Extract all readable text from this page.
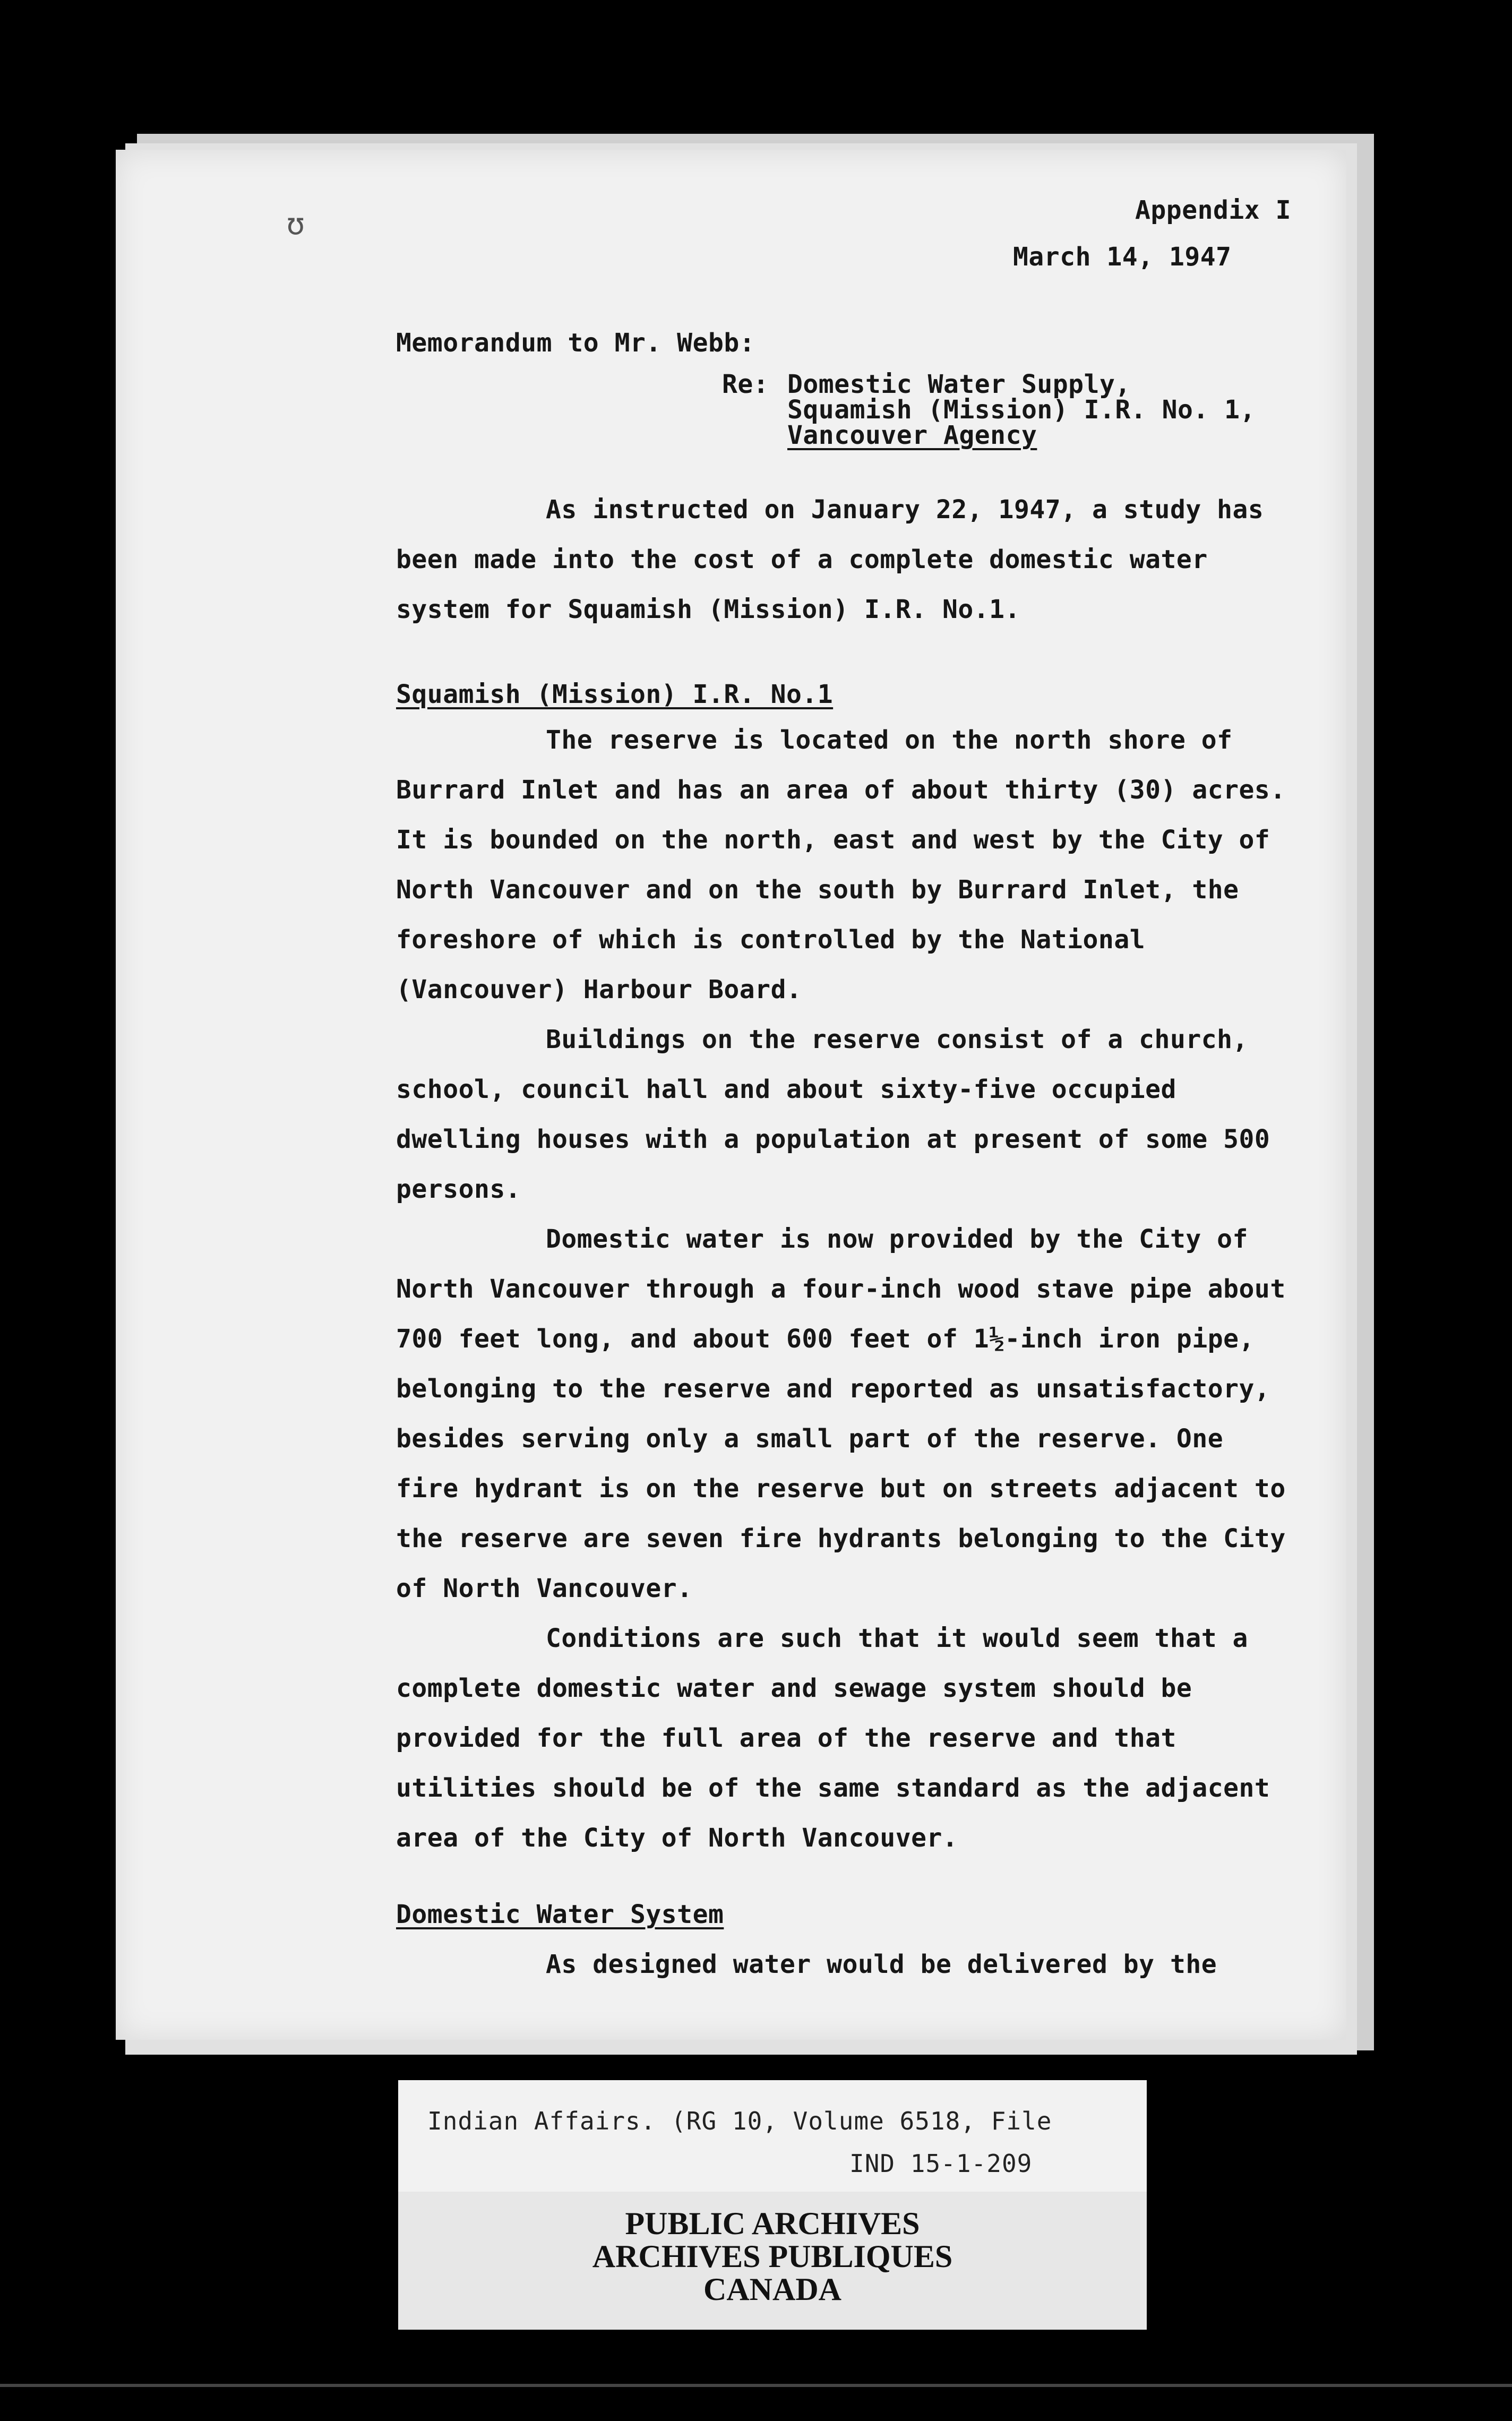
ʊ	Appendix I
March 14, 1947
Memorandum to Mr. Webb:
Re: Domestic Water Supply,
Squamish (Mission) I.R. No. 1,
Vancouver Agency
As instructed on January 22, 1947, a study has
been made into the cost of a complete domestic water
system for Squamish (Mission) I.R. No.1.
Squamish (Mission) I.R. No.1
The reserve is located on the north shore of
Burrard Inlet and has an area of about thirty (30) acres.
It is bounded on the north, east and west by the City of
North Vancouver and on the south by Burrard Inlet, the
foreshore of which is controlled by the National
(Vancouver) Harbour Board.
Buildings on the reserve consist of a church,
school, council hall and about sixty-five occupied
dwelling houses with a population at present of some 500
persons.
Domestic water is now provided by the City of
North Vancouver through a four-inch wood stave pipe about
700 feet long, and about 600 feet of 1½-inch iron pipe,
belonging to the reserve and reported as unsatisfactory,
besides serving only a small part of the reserve. One
fire hydrant is on the reserve but on streets adjacent to
the reserve are seven fire hydrants belonging to the City
of North Vancouver.
Conditions are such that it would seem that a
complete domestic water and sewage system should be
provided for the full area of the reserve and that
utilities should be of the same standard as the adjacent
area of the City of North Vancouver.
Domestic Water System
As designed water would be delivered by the
Indian Affairs. (RG 10, Volume 6518, File
IND 15-1-209
PUBLIC ARCHIVES
ARCHIVES PUBLIQUES
CANADA
